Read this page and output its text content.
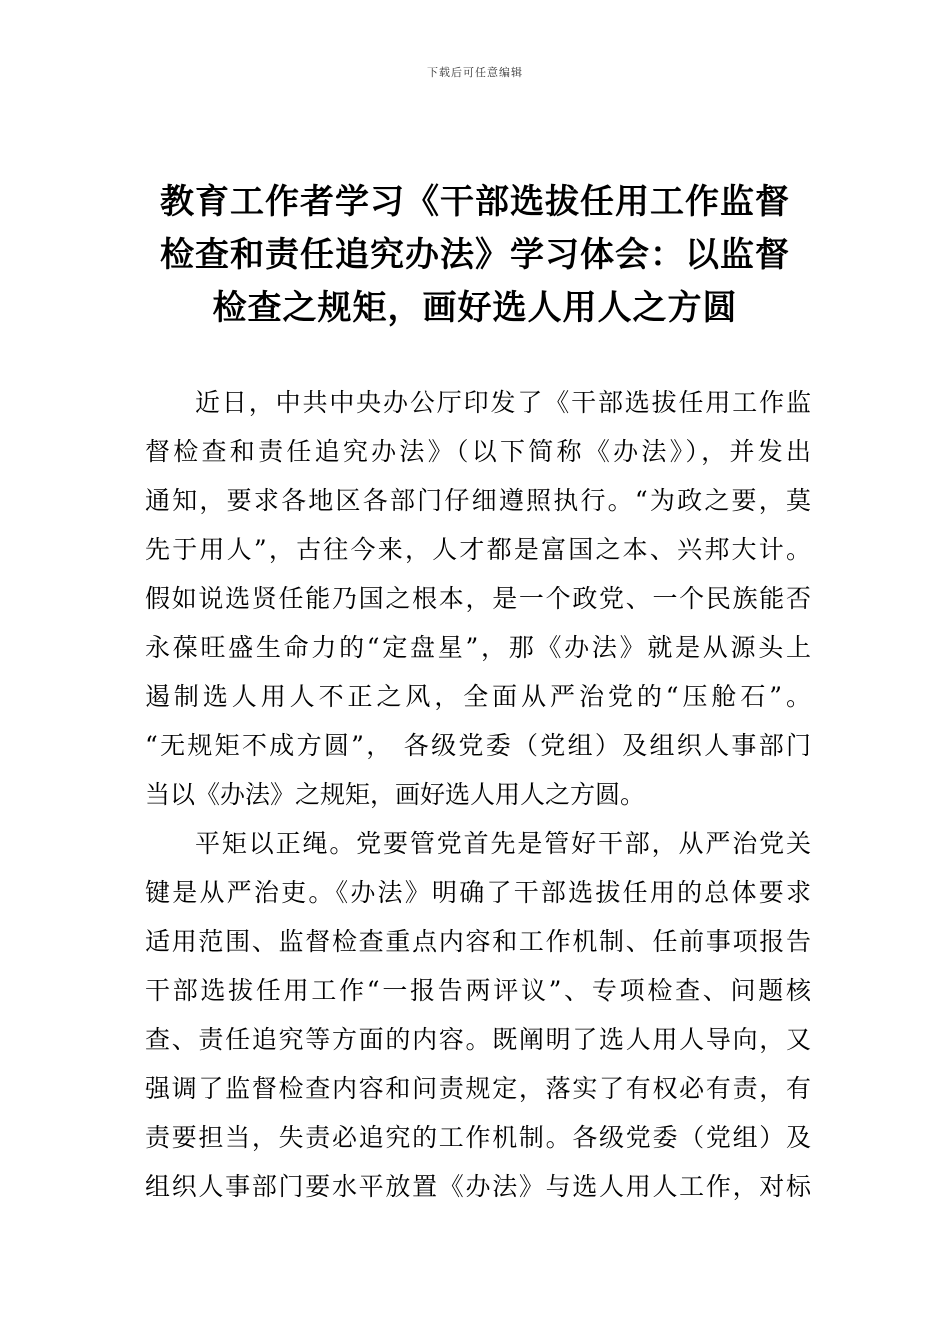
下载后可任意编辑
教育工作者学习《干部选拔任用工作监督
检查和责任追究办法》学习体会：以监督
检查之规矩，画好选人用人之方圆
近日，中共中央办公厅印发了《干部选拔任用工作监
督检查和责任追究办法》（以下简称《办法》），并发出
通知，要求各地区各部门仔细遵照执行。“为政之要，莫
先于用人”，古往今来，人才都是富国之本、兴邦大计。
假如说选贤任能乃国之根本，是一个政党、一个民族能否
永葆旺盛生命力的“定盘星”，那《办法》就是从源头上
遏制选人用人不正之风，全面从严治党的“压舱石”。
“无规矩不成方圆”， 各级党委（党组）及组织人事部门
当以《办法》之规矩，画好选人用人之方圆。
平矩以正绳。党要管党首先是管好干部，从严治党关
键是从严治吏。《办法》明确了干部选拔任用的总体要求
适用范围、监督检查重点内容和工作机制、任前事项报告
干部选拔任用工作“一报告两评议”、专项检查、问题核
查、责任追究等方面的内容。既阐明了选人用人导向，又
强调了监督检查内容和问责规定，落实了有权必有责，有
责要担当，失责必追究的工作机制。各级党委（党组）及
组织人事部门要水平放置《办法》与选人用人工作，对标
